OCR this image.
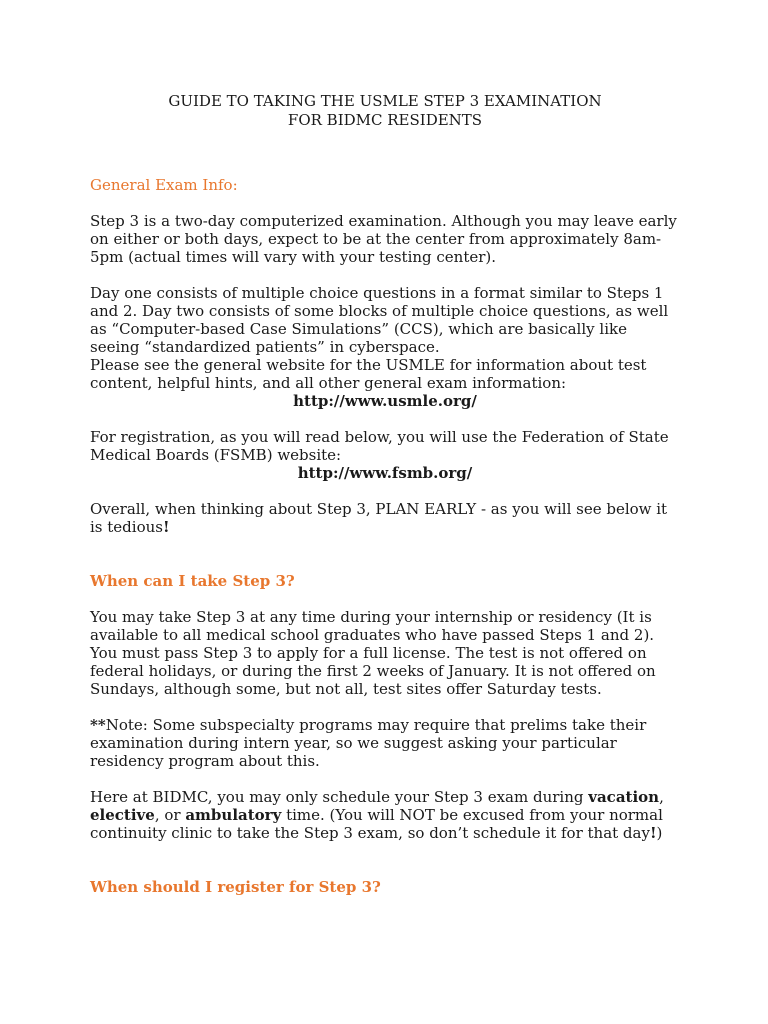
GUIDE TO TAKING THE USMLE STEP 3 EXAMINATION
FOR BIDMC RESIDENTS
General Exam Info:

Step 3 is a two-day computerized examination. Although you may leave early on either or both days, expect to be at the center from approximately 8am-5pm (actual times will vary with your testing center).

Day one consists of multiple choice questions in a format similar to Steps 1 and 2. Day two consists of some blocks of multiple choice questions, as well as “Computer-based Case Simulations” (CCS), which are basically like seeing “standardized patients” in cyberspace.

Please see the general website for the USMLE for information about test content, helpful hints, and all other general exam information:

http://www.usmle.org/

For registration, as you will read below, you will use the Federation of State Medical Boards (FSMB) website:

http://www.fsmb.org/

Overall, when thinking about Step 3, PLAN EARLY - as you will see below it is tedious!

When can I take Step 3?

You may take Step 3 at any time during your internship or residency (It is available to all medical school graduates who have passed Steps 1 and 2). You must pass Step 3 to apply for a full license. The test is not offered on federal holidays, or during the first 2 weeks of January. It is not offered on Sundays, although some, but not all, test sites offer Saturday tests.

**Note: Some subspecialty programs may require that prelims take their examination during intern year, so we suggest asking your particular residency program about this.

Here at BIDMC, you may only schedule your Step 3 exam during vacation, elective, or ambulatory time. (You will NOT be excused from your normal continuity clinic to take the Step 3 exam, so don’t schedule it for that day!)

When should I register for Step 3?
